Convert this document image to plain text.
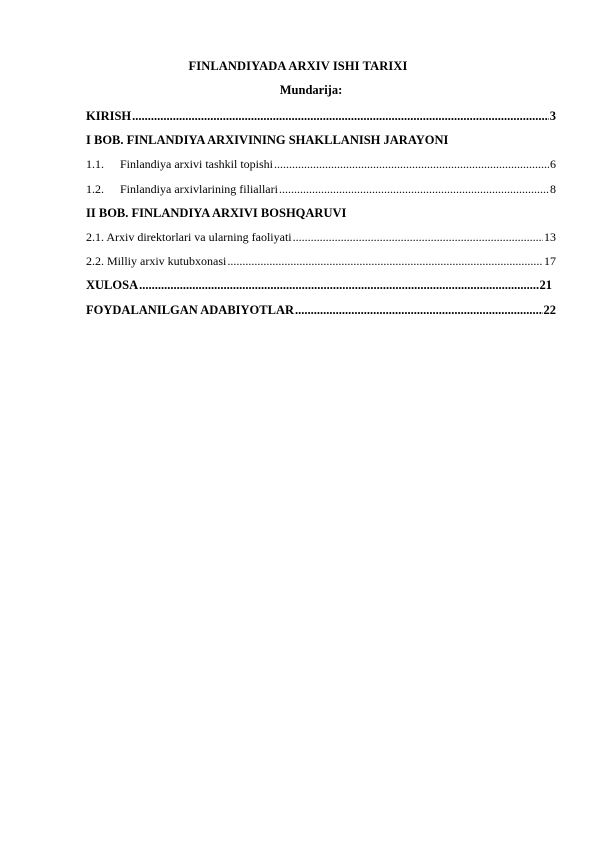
FINLANDIYADA ARXIV ISHI TARIXI
Mundarija:
KIRISH .....	3
I BOB. FINLANDIYA ARXIVINING SHAKLLANISH JARAYONI
1.1.	Finlandiya arxivi tashkil topishi .....	6
1.2.	Finlandiya arxivlarining filiallari .....	8
II BOB. FINLANDIYA ARXIVI BOSHQARUVI
2.1. Arxiv direktorlari va ularning faoliyati .....	13
2.2. Milliy arxiv kutubxonasi .....	17
XULOSA .....	21
FOYDALANILGAN ADABIYOTLAR .....	22
